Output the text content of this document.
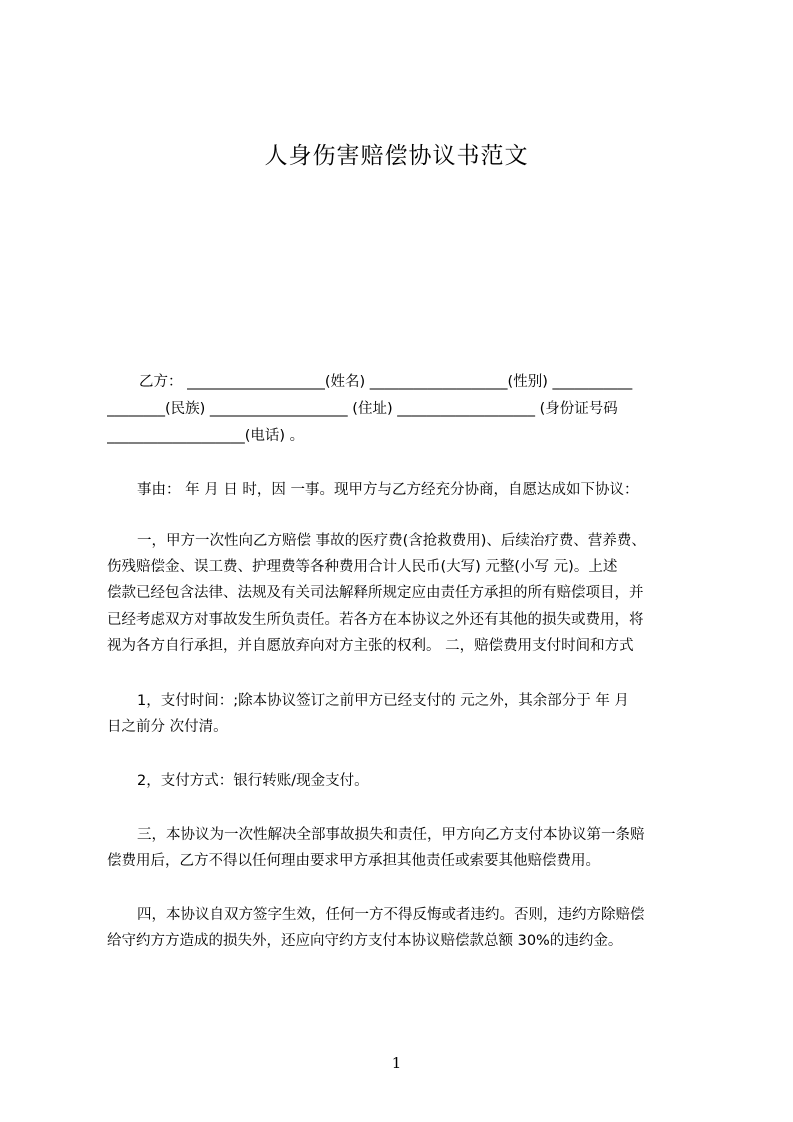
人身伤害赔偿协议书范文
乙方： ___________________(姓名) ___________________(性别) ___________
________(民族) ___________________ (住址) ___________________ (身份证号码
___________________(电话) 。
事由： 年 月 日 时，因 一事。现甲方与乙方经充分协商，自愿达成如下协议：
一，甲方一次性向乙方赔偿 事故的医疗费(含抢救费用)、后续治疗费、营养费、
伤残赔偿金、误工费、护理费等各种费用合计人民币(大写) 元整(小写 元)。上述
偿款已经包含法律、法规及有关司法解释所规定应由责任方承担的所有赔偿项目，并
已经考虑双方对事故发生所负责任。若各方在本协议之外还有其他的损失或费用，将
视为各方自行承担，并自愿放弃向对方主张的权利。 二，赔偿费用支付时间和方式
1，支付时间：;除本协议签订之前甲方已经支付的 元之外，其余部分于 年 月
日之前分 次付清。
2，支付方式：银行转账/现金支付。
三，本协议为一次性解决全部事故损失和责任，甲方向乙方支付本协议第一条赔
偿费用后，乙方不得以任何理由要求甲方承担其他责任或索要其他赔偿费用。
四，本协议自双方签字生效，任何一方不得反悔或者违约。否则，违约方除赔偿
给守约方方造成的损失外，还应向守约方支付本协议赔偿款总额 30%的违约金。
1
